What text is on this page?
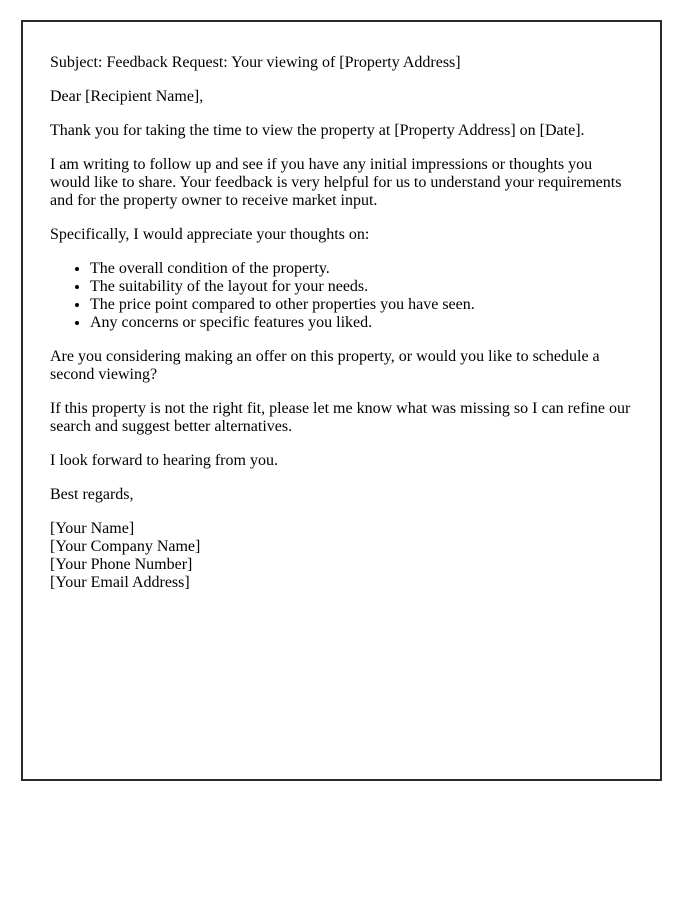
Subject: Feedback Request: Your viewing of [Property Address]

Dear [Recipient Name],

Thank you for taking the time to view the property at [Property Address] on [Date].

I am writing to follow up and see if you have any initial impressions or thoughts you would like to share. Your feedback is very helpful for us to understand your requirements and for the property owner to receive market input.

Specifically, I would appreciate your thoughts on:

• The overall condition of the property.
• The suitability of the layout for your needs.
• The price point compared to other properties you have seen.
• Any concerns or specific features you liked.

Are you considering making an offer on this property, or would you like to schedule a second viewing?

If this property is not the right fit, please let me know what was missing so I can refine our search and suggest better alternatives.

I look forward to hearing from you.

Best regards,

[Your Name]
[Your Company Name]
[Your Phone Number]
[Your Email Address]
